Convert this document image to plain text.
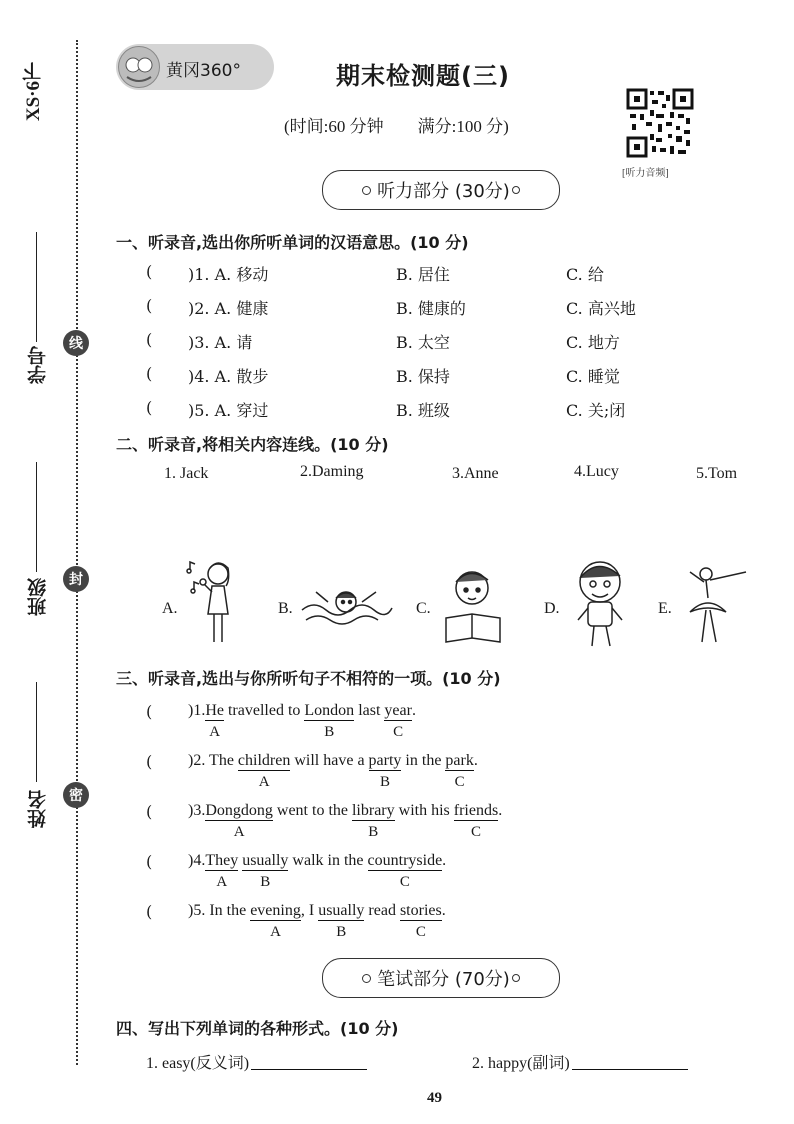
XS·6下
学号
班级
姓名
线
封
密
黄冈360°	期末检测题(三)
(时间:60 分钟　　满分:100 分)
[听力音频]
听力部分 (30分)
一、听录音,选出你所听单词的汉语意思。(10 分)
( )1. A. 移动	B. 居住	C. 给
( )2. A. 健康	B. 健康的	C. 高兴地
( )3. A. 请	B. 太空	C. 地方
( )4. A. 散步	B. 保持	C. 睡觉
( )5. A. 穿过	B. 班级	C. 关;闭
二、听录音,将相关内容连线。(10 分)
1. Jack	2.Daming	3.Anne	4.Lucy	5.Tom
A.	B.	C.	D.	E.
三、听录音,选出与你所听句子不相符的一项。(10 分)
( )1.He
A
travelled to London
B
last year
C
.
( )2. The children
A
will have a party
B
in the park
C
.
( )3.Dongdong
A
went to the library
B
with his friends
C
.
( )4.They
A
usually
B
walk in the countryside
C
.
( )5. In the evening
A
, I usually
B
read stories
C
.
笔试部分 (70分)
四、写出下列单词的各种形式。(10 分)
1. easy(反义词)	2. happy(副词)
49
